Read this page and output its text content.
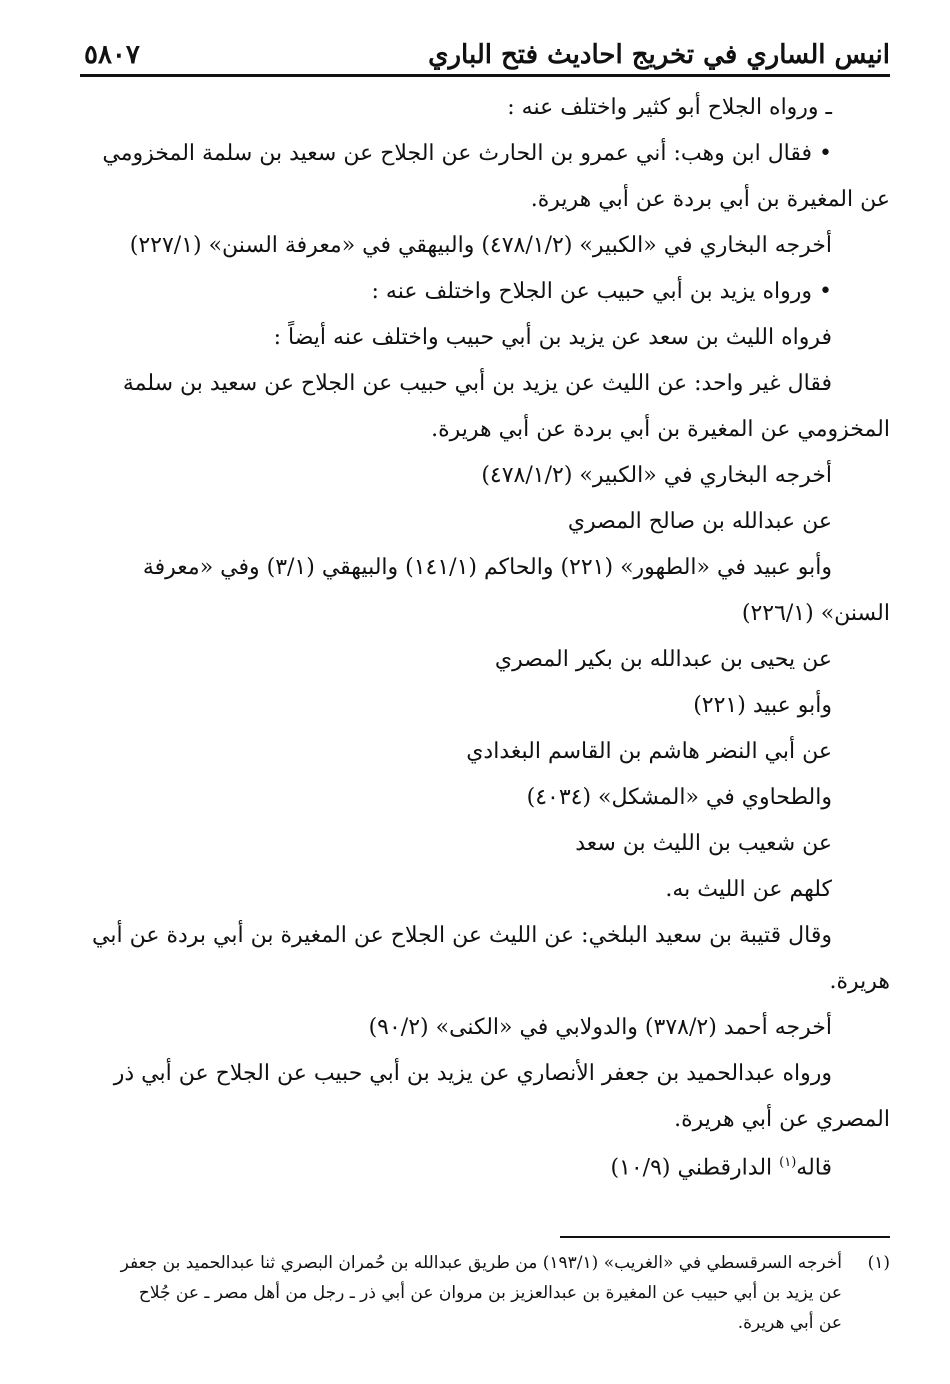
انيس الساري في تخريج احاديث فتح الباري
٥٨٠٧
ـ ورواه الجلاح أبو كثير واختلف عنه :
• فقال ابن وهب: أني عمرو بن الحارث عن الجلاح عن سعيد بن سلمة المخزومي
عن المغيرة بن أبي بردة عن أبي هريرة.
أخرجه البخاري في «الكبير» (٤٧٨/١/٢) والبيهقي في «معرفة السنن» (٢٢٧/١)
• ورواه يزيد بن أبي حبيب عن الجلاح واختلف عنه :
فرواه الليث بن سعد عن يزيد بن أبي حبيب واختلف عنه أيضاً :
فقال غير واحد: عن الليث عن يزيد بن أبي حبيب عن الجلاح عن سعيد بن سلمة
المخزومي عن المغيرة بن أبي بردة عن أبي هريرة.
أخرجه البخاري في «الكبير» (٤٧٨/١/٢)
عن عبدالله بن صالح المصري
وأبو عبيد في «الطهور» (٢٢١) والحاكم (١٤١/١) والبيهقي (٣/١) وفي «معرفة
السنن» (٢٢٦/١)
عن يحيى بن عبدالله بن بكير المصري
وأبو عبيد (٢٢١)
عن أبي النضر هاشم بن القاسم البغدادي
والطحاوي في «المشكل» (٤٠٣٤)
عن شعيب بن الليث بن سعد
كلهم عن الليث به.
وقال قتيبة بن سعيد البلخي: عن الليث عن الجلاح عن المغيرة بن أبي بردة عن أبي
هريرة.
أخرجه أحمد (٣٧٨/٢) والدولابي في «الكنى» (٩٠/٢)
ورواه عبدالحميد بن جعفر الأنصاري عن يزيد بن أبي حبيب عن الجلاح عن أبي ذر
المصري عن أبي هريرة.
قاله$^{(١)}$ الدارقطني (١٠/٩)
(١)أخرجه السرقسطي في «الغريب» (١٩٣/١) من طريق عبدالله بن حُمران البصري ثنا عبدالحميد بن جعفر
عن يزيد بن أبي حبيب عن المغيرة بن عبدالعزيز بن مروان عن أبي ذر ـ رجل من أهل مصر ـ عن جُلاح
عن أبي هريرة.
